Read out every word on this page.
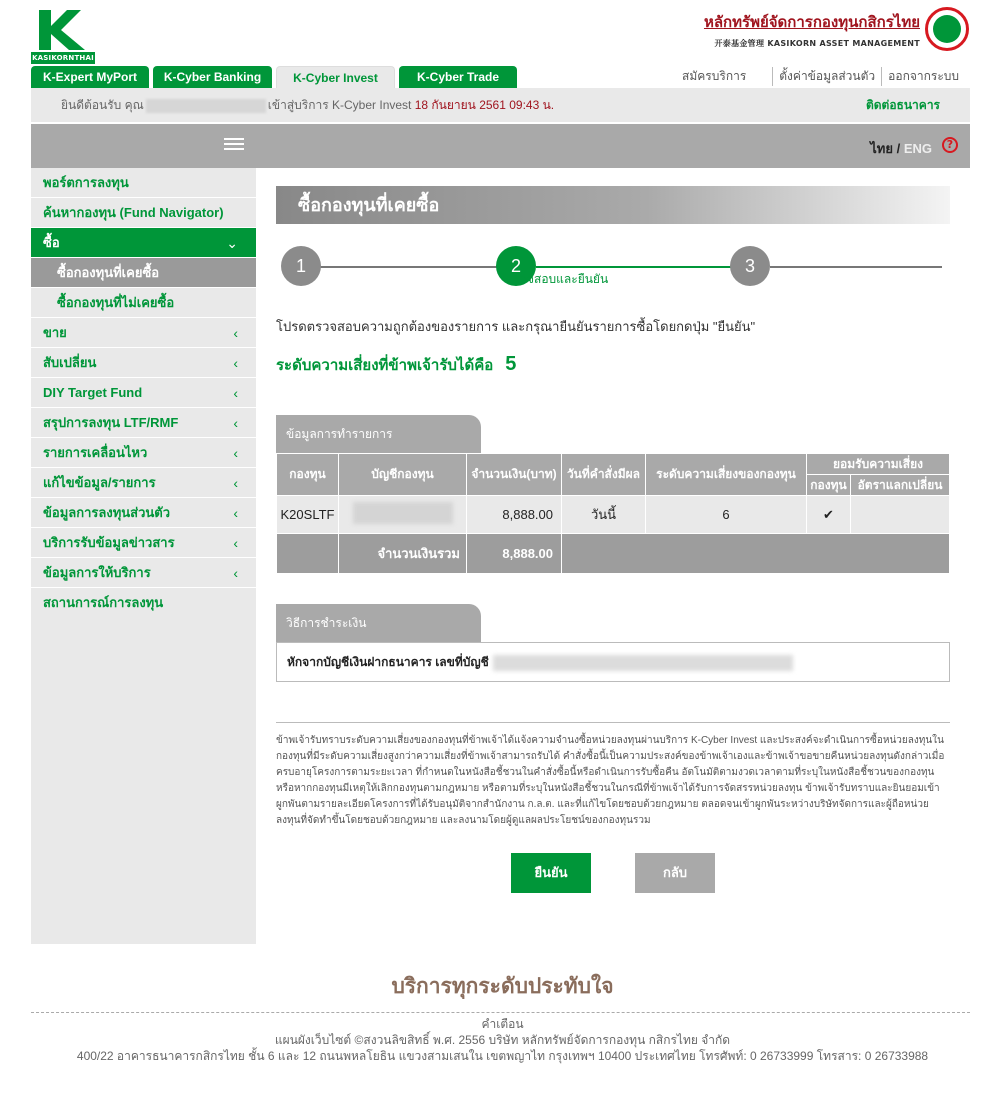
KASIKORNTHAI
หลักทรัพย์จัดการกองทุนกสิกรไทย
开泰基金管理 KASIKORN ASSET MANAGEMENT
K-Expert MyPort	K-Cyber Banking	K-Cyber Invest	K-Cyber Trade	สมัครบริการ	ตั้งค่าข้อมูลส่วนตัว	ออกจากระบบ
ยินดีต้อนรับ คุณ	เข้าสู่บริการ K-Cyber Invest 18 กันยายน 2561 09:43 น.	ติดต่อธนาคาร
ไทย / ENG	?
พอร์ตการลงทุน
ค้นหากองทุน (Fund Navigator)
ซื้อ	⌄
ซื้อกองทุนที่เคยซื้อ
ซื้อกองทุนที่ไม่เคยซื้อ
ขาย	‹
สับเปลี่ยน	‹
DIY Target Fund	‹
สรุปการลงทุน LTF/RMF	‹
รายการเคลื่อนไหว	‹
แก้ไขข้อมูล/รายการ	‹
ข้อมูลการลงทุนส่วนตัว	‹
บริการรับข้อมูลข่าวสาร	‹
ข้อมูลการให้บริการ	‹
สถานการณ์การลงทุน
ซื้อกองทุนที่เคยซื้อ
1	2	3
ตรวจสอบและยืนยัน
โปรดตรวจสอบความถูกต้องของรายการ และกรุณายืนยันรายการซื้อโดยกดปุ่ม "ยืนยัน"
ระดับความเสี่ยงที่ข้าพเจ้ารับได้คือ 5
ข้อมูลการทำรายการ
กองทุน	บัญชีกองทุน	จำนวนเงิน(บาท)	วันที่คำสั่งมีผล	ระดับความเสี่ยงของกองทุน	ยอมรับความเสี่ยง	
					กองทุน	อัตราแลกเปลี่ยน
K20SLTF		8,888.00	วันนี้	6	✔	
	จำนวนเงินรวม	8,888.00				
วิธีการชำระเงิน
หักจากบัญชีเงินฝากธนาคาร เลขที่บัญชี
ข้าพเจ้ารับทราบระดับความเสี่ยงของกองทุนที่ข้าพเจ้าได้แจ้งความจำนงซื้อหน่วยลงทุนผ่านบริการ K-Cyber Invest และประสงค์จะดำเนินการซื้อหน่วยลงทุนในกองทุนที่มีระดับความเสี่ยงสูงกว่าความเสี่ยงที่ข้าพเจ้าสามารถรับได้ คำสั่งซื้อนี้เป็นความประสงค์ของข้าพเจ้าเองและข้าพเจ้าขอขายคืนหน่วยลงทุนดังกล่าวเมื่อครบอายุโครงการตามระยะเวลา ที่กำหนดในหนังสือชี้ชวนในคำสั่งซื้อนี้หรือดำเนินการรับซื้อคืน อัตโนมัติตามงวดเวลาตามที่ระบุในหนังสือชี้ชวนของกองทุน หรือหากกองทุนมีเหตุให้เลิกกองทุนตามกฎหมาย หรือตามที่ระบุในหนังสือชี้ชวนในกรณีที่ข้าพเจ้าได้รับการจัดสรรหน่วยลงทุน ข้าพเจ้ารับทราบและยินยอมเข้าผูกพันตามรายละเอียดโครงการที่ได้รับอนุมัติจากสำนักงาน ก.ล.ต. และที่แก้ไขโดยชอบด้วยกฎหมาย ตลอดจนเข้าผูกพันระหว่างบริษัทจัดการและผู้ถือหน่วยลงทุนที่จัดทำขึ้นโดยชอบด้วยกฎหมาย และลงนามโดยผู้ดูแลผลประโยชน์ของกองทุนรวม
ยืนยัน	กลับ
บริการทุกระดับประทับใจ
คำเตือน
แผนผังเว็บไซต์ ©สงวนลิขสิทธิ์ พ.ศ. 2556 บริษัท หลักทรัพย์จัดการกองทุน กสิกรไทย จำกัด
400/22 อาคารธนาคารกสิกรไทย ชั้น 6 และ 12 ถนนพหลโยธิน แขวงสามเสนใน เขตพญาไท กรุงเทพฯ 10400 ประเทศไทย โทรศัพท์: 0 26733999 โทรสาร: 0 26733988
